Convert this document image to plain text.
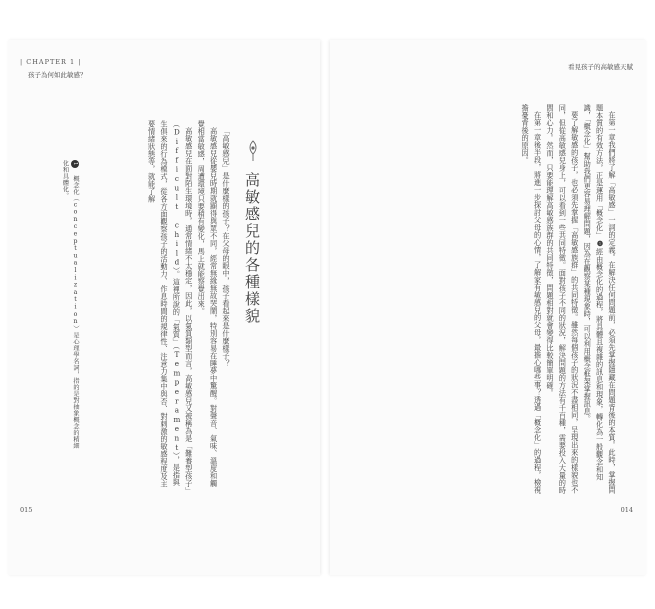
| CHAPTER 1 |
孩子為何如此敏感？
015
看見孩子的高敏感天賦
014

在第一章我們將了解「高敏感」一詞的定義。在解決任何問題前，必須先掌握隱藏在問題背後的本質。此時，掌握問題本質的有效方法，正是運用「概念化」❶經由概念化的過程，將具體且複雜的訊息和現象，轉化為一般觀念和知識，「概念化」幫助我們更容易理解問題，因為在觀察某種現象時，可以利用概念框架掌握訊息。

要了解敏感的孩子，也必須先掌握「高敏感族群」的共同特徵。雖然每個孩子的狀況不盡相同，呈現出來的樣貌也不同，但從高敏感兒身上，可以看到一些共同特徵。面對孩子不同的狀況，解決問題的方法有千百種，需要投入大量的時間和心力。然而，只要能理解高敏感族群的共同特徵，問題相對就會變得比較簡單明確。

在第一章後半段，將進一步探討父母的心情，了解家有敏感兒的父母，最擔心哪些事？透過「概念化」的過程，檢視擔憂背後的原因。

高敏感兒的各種樣貌

「高敏感兒」是什麼樣的孩子？在父母的眼中，孩子看起來是什麼樣子？

高敏感兒從嬰兒時期就顯得與眾不同，經常無緣無故哭鬧，特別容易在睡夢中驚醒。對聲音、氣味、溫度和觸覺相當敏感，周遭環境只要稍有變化，馬上就能察覺出來。

高敏感兒在面對陌生環境時，通常情緒不太穩定，因此，以氣質類型而言，高敏感兒又被稱為是「難養型孩子」（Difficult child）。這裡所說的「氣質」（Temperament），是指與生俱來的行為模式，從各方面觀察孩子的活動力、作息時間的規律性、注意力集中與否、對刺激的敏感程度及主要情緒狀態等，就能了解

1 概念化（conceptualization）是心理學名詞，指的是對抽象概念的精細化和具體化。
